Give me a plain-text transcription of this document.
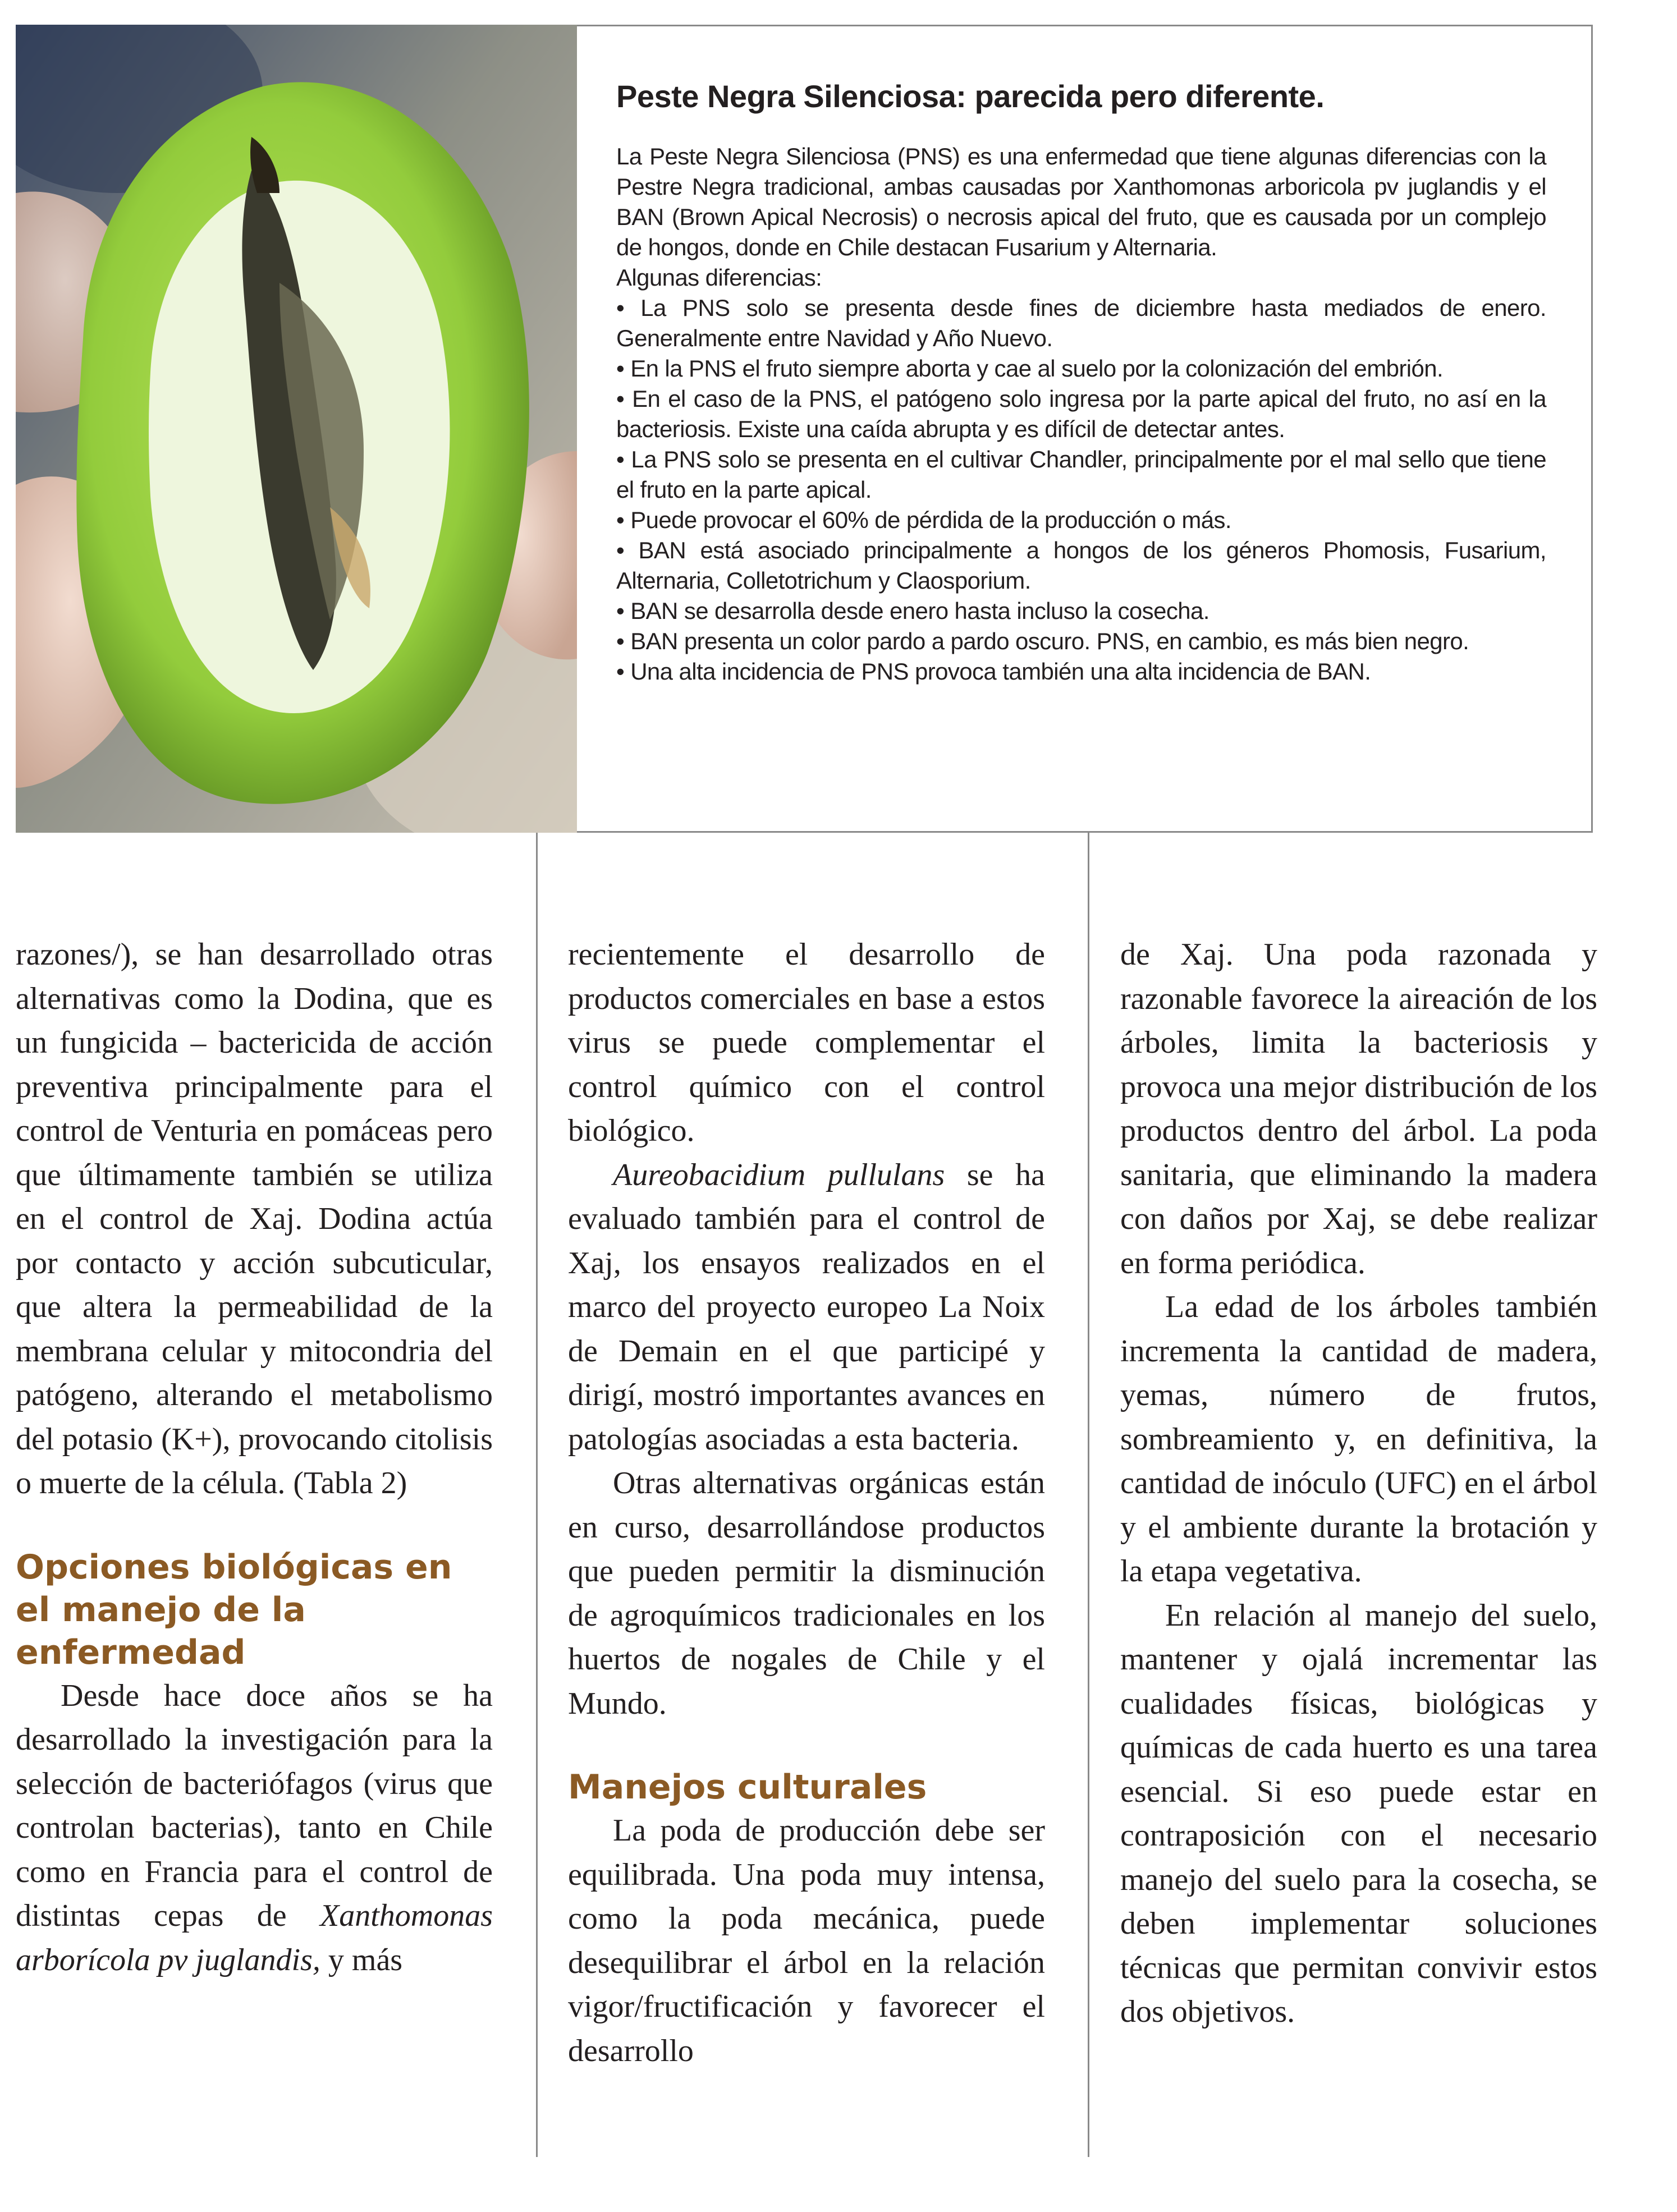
Peste Negra Silenciosa: parecida pero diferente.

La Peste Negra Silenciosa (PNS) es una enfermedad que tiene algunas diferencias con la Pestre Negra tradicional, ambas causadas por Xanthomonas arboricola pv juglandis y el BAN (Brown Apical Necrosis) o necrosis apical del fruto, que es causada por un complejo de hongos, donde en Chile destacan Fusarium y Alternaria.

Algunas diferencias:

• La PNS solo se presenta desde fines de diciembre hasta mediados de enero. Generalmente entre Navidad y Año Nuevo.
• En la PNS el fruto siempre aborta y cae al suelo por la colonización del embrión.
• En el caso de la PNS, el patógeno solo ingresa por la parte apical del fruto, no así en la bacteriosis. Existe una caída abrupta y es difícil de detectar antes.
• La PNS solo se presenta en el cultivar Chandler, principalmente por el mal sello que tiene el fruto en la parte apical.
• Puede provocar el 60% de pérdida de la producción o más.
• BAN está asociado principalmente a hongos de los géneros Phomosis, Fusarium, Alternaria, Colletotrichum y Claosporium.
• BAN se desarrolla desde enero hasta incluso la cosecha.
• BAN presenta un color pardo a pardo oscuro. PNS, en cambio, es más bien negro.
• Una alta incidencia de PNS provoca también una alta incidencia de BAN.

razones/), se han desarrollado otras alternativas como la Dodina, que es un fungicida – bactericida de acción preventiva principalmente para el control de Venturia en pomáceas pero que últimamente también se utiliza en el control de Xaj. Dodina actúa por contacto y acción subcuticular, que altera la permeabilidad de la membrana celular y mitocondria del patógeno, alterando el metabolismo del potasio (K+), provocando citolisis o muerte de la célula. (Tabla 2)

Opciones biológicas en el manejo de la enfermedad

Desde hace doce años se ha desarrollado la investigación para la selección de bacteriófagos (virus que controlan bacterias), tanto en Chile como en Francia para el control de distintas cepas de Xanthomonas arborícola pv juglandis, y más

recientemente el desarrollo de productos comerciales en base a estos virus se puede complementar el control químico con el control biológico.

Aureobacidium pullulans se ha evaluado también para el control de Xaj, los ensayos realizados en el marco del proyecto europeo La Noix de Demain en el que participé y dirigí, mostró importantes avances en patologías asociadas a esta bacteria.

Otras alternativas orgánicas están en curso, desarrollándose productos que pueden permitir la disminución de agroquímicos tradicionales en los huertos de nogales de Chile y el Mundo.

Manejos culturales

La poda de producción debe ser equilibrada. Una poda muy intensa, como la poda mecánica, puede desequilibrar el árbol en la relación vigor/fructificación y favorecer el desarrollo

de Xaj. Una poda razonada y razonable favorece la aireación de los árboles, limita la bacteriosis y provoca una mejor distribución de los productos dentro del árbol. La poda sanitaria, que eliminando la madera con daños por Xaj, se debe realizar en forma periódica.

La edad de los árboles también incrementa la cantidad de madera, yemas, número de frutos, sombreamiento y, en definitiva, la cantidad de inóculo (UFC) en el árbol y el ambiente durante la brotación y la etapa vegetativa.

En relación al manejo del suelo, mantener y ojalá incrementar las cualidades físicas, biológicas y químicas de cada huerto es una tarea esencial. Si eso puede estar en contraposición con el necesario manejo del suelo para la cosecha, se deben implementar soluciones técnicas que permitan convivir estos dos objetivos.
